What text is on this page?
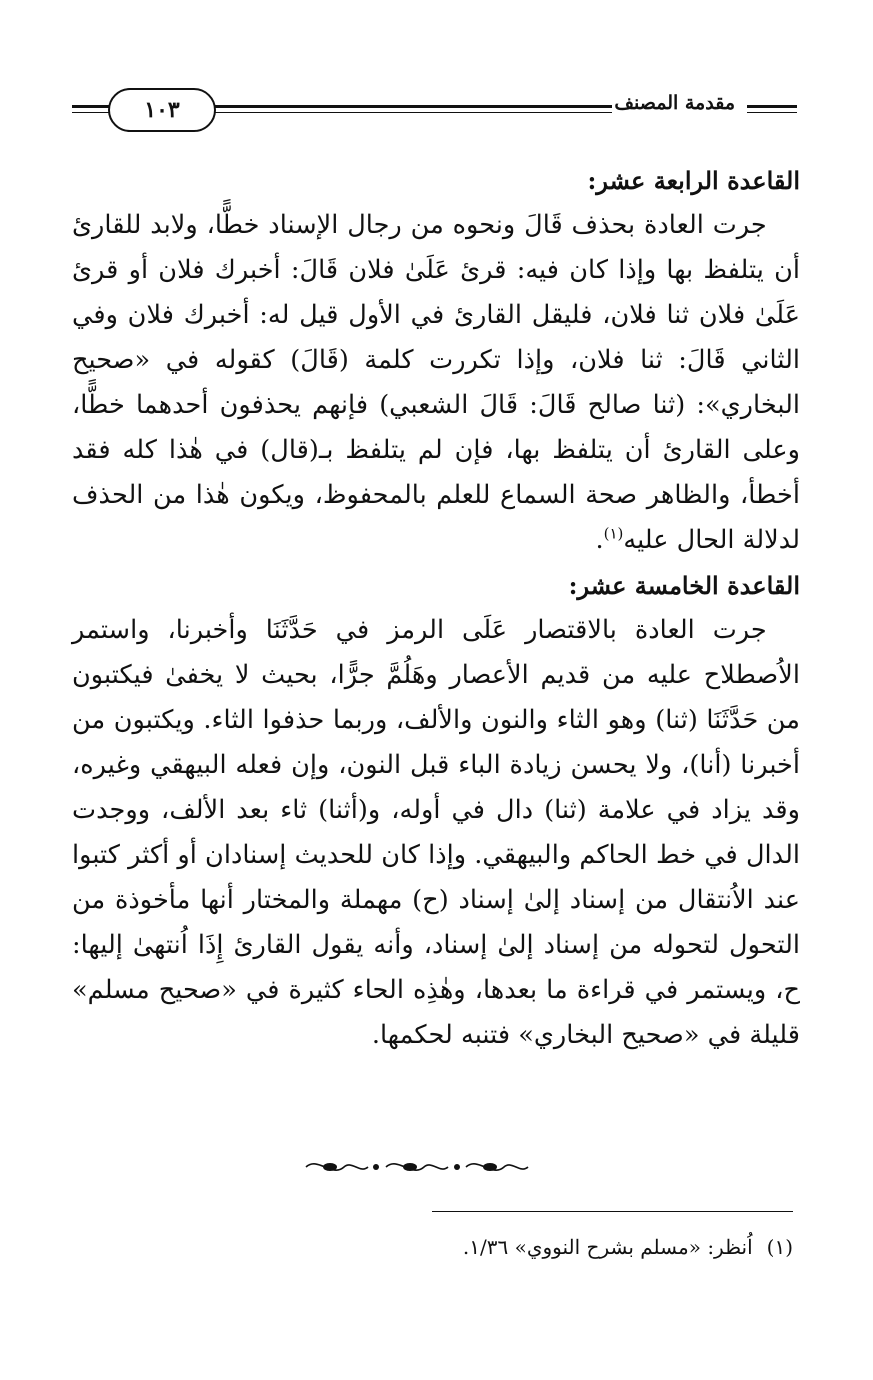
مقدمة المصنف
١٠٣

القاعدة الرابعة عشر:

جرت العادة بحذف قَالَ ونحوه من رجال الإسناد خطًّا، ولابد للقارئ أن يتلفظ بها وإذا كان فيه: قرئ عَلَىٰ فلان قَالَ: أخبرك فلان أو قرئ عَلَىٰ فلان ثنا فلان، فليقل القارئ في الأول قيل له: أخبرك فلان وفي الثاني قَالَ: ثنا فلان، وإذا تكررت كلمة (قَالَ) كقوله في «صحيح البخاري»: (ثنا صالح قَالَ: قَالَ الشعبي) فإنهم يحذفون أحدهما خطًّا، وعلى القارئ أن يتلفظ بها، فإن لم يتلفظ بـ(قال) في هٰذا كله فقد أخطأ، والظاهر صحة السماع للعلم بالمحفوظ، ويكون هٰذا من الحذف لدلالة الحال عليه$^{(١)}$.

القاعدة الخامسة عشر:

جرت العادة بالاقتصار عَلَى الرمز في حَدَّثَنَا وأخبرنا، واستمر الاُصطلاح عليه من قديم الأعصار وهَلُمَّ جرًّا، بحيث لا يخفىٰ فيكتبون من حَدَّثَنَا (ثنا) وهو الثاء والنون والألف، وربما حذفوا الثاء. ويكتبون من أخبرنا (أنا)، ولا يحسن زيادة الباء قبل النون، وإن فعله البيهقي وغيره، وقد يزاد في علامة (ثنا) دال في أوله، و(أثنا) ثاء بعد الألف، ووجدت الدال في خط الحاكم والبيهقي. وإذا كان للحديث إسنادان أو أكثر كتبوا عند الاُنتقال من إسناد إلىٰ إسناد (ح) مهملة والمختار أنها مأخوذة من التحول لتحوله من إسناد إلىٰ إسناد، وأنه يقول القارئ إِذَا اُنتهىٰ إليها: ح، ويستمر في قراءة ما بعدها، وهٰذِه الحاء كثيرة في «صحيح مسلم» قليلة في «صحيح البخاري» فتنبه لحكمها.

(١)اُنظر: «مسلم بشرح النووي» ١/٣٦.
